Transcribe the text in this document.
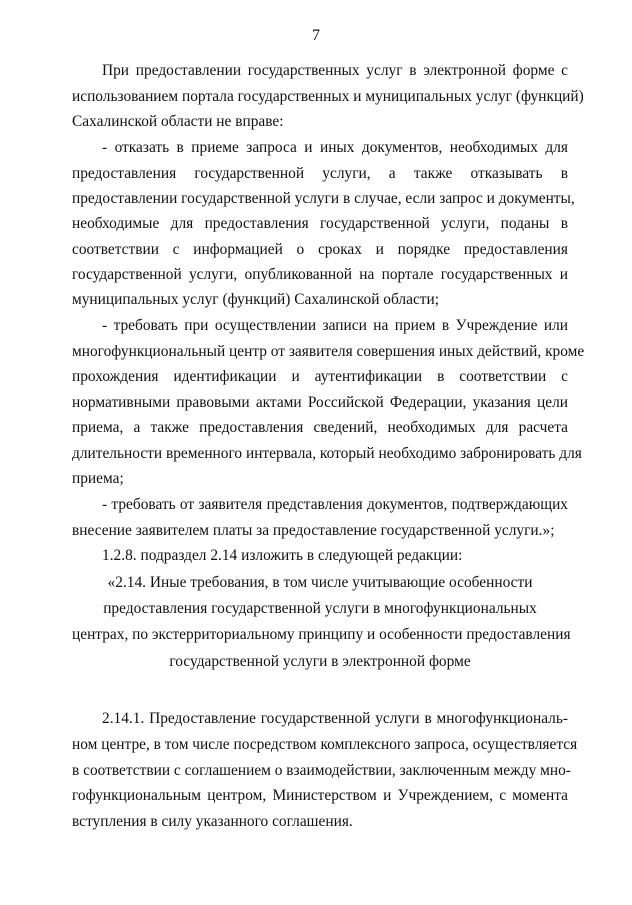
7
При предоставлении государственных услуг в электронной форме с
использованием портала государственных и муниципальных услуг (функций)
Сахалинской области не вправе:
- отказать в приеме запроса и иных документов, необходимых для
предоставления государственной услуги, а также отказывать в
предоставлении государственной услуги в случае, если запрос и документы,
необходимые для предоставления государственной услуги, поданы в
соответствии с информацией о сроках и порядке предоставления
государственной услуги, опубликованной на портале государственных и
муниципальных услуг (функций) Сахалинской области;
- требовать при осуществлении записи на прием в Учреждение или
многофункциональный центр от заявителя совершения иных действий, кроме
прохождения идентификации и аутентификации в соответствии с
нормативными правовыми актами Российской Федерации, указания цели
приема, а также предоставления сведений, необходимых для расчета
длительности временного интервала, который необходимо забронировать для
приема;
- требовать от заявителя представления документов, подтверждающих
внесение заявителем платы за предоставление государственной услуги.»;
1.2.8. подраздел 2.14 изложить в следующей редакции:
«2.14. Иные требования, в том числе учитывающие особенности
предоставления государственной услуги в многофункциональных
центрах, по экстерриториальному принципу и особенности предоставления
государственной услуги в электронной форме
2.14.1. Предоставление государственной услуги в многофункциональ-
ном центре, в том числе посредством комплексного запроса, осуществляется
в соответствии с соглашением о взаимодействии, заключенным между мно-
гофункциональным центром, Министерством и Учреждением, с момента
вступления в силу указанного соглашения.
